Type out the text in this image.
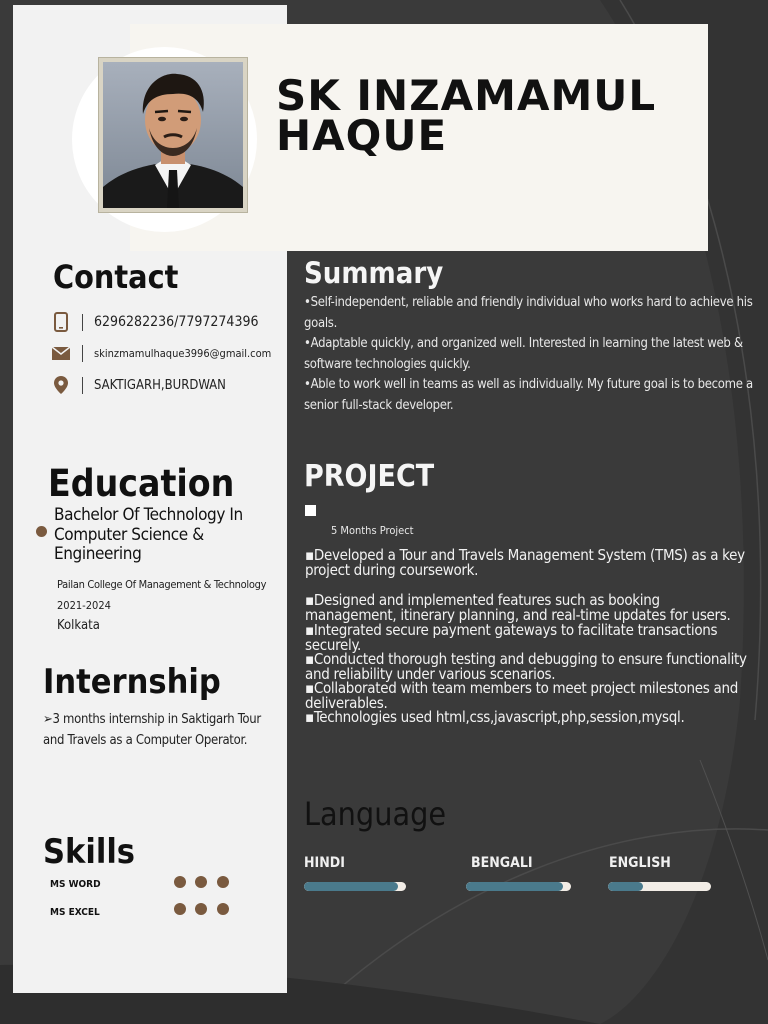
SK INZAMAMUL HAQUE
Contact
6296282236/7797274396
skinzmamulhaque3996@gmail.com
SAKTIGARH,BURDWAN
Education
Bachelor Of Technology In Computer Science & Engineering
Pailan College Of Management & Technology
2021-2024
Kolkata
Internship
➢3 months internship in Saktigarh Tour and Travels as a Computer Operator.
Skills
MS WORD
MS EXCEL
Summary

•Self-independent, reliable and friendly individual who works hard to achieve his goals.

•Adaptable quickly, and organized well. Interested in learning the latest web & software technologies quickly.

•Able to work well in teams as well as individually. My future goal is to become a senior full-stack developer.

PROJECT
5 Months Project
▪Developed a Tour and Travels Management System (TMS) as a key project during coursework.
▪Designed and implemented features such as booking management, itinerary planning, and real-time updates for users.
▪Integrated secure payment gateways to facilitate transactions securely.
▪Conducted thorough testing and debugging to ensure functionality and reliability under various scenarios.
▪Collaborated with team members to meet project milestones and deliverables.
▪Technologies used html,css,javascript,php,session,mysql.
Language
HINDI	BENGALI	ENGLISH
